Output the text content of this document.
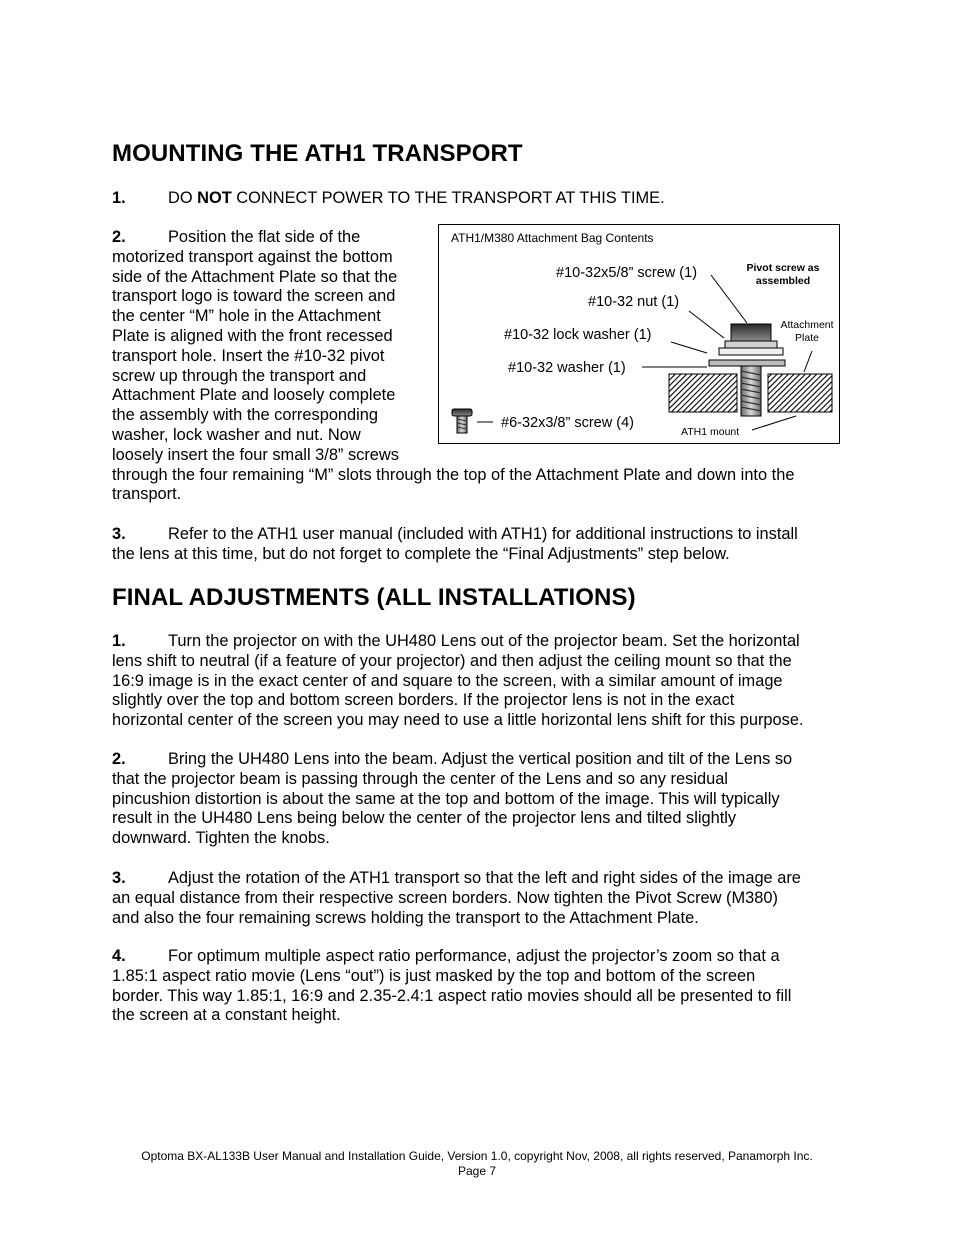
MOUNTING THE ATH1 TRANSPORT

1.	DO NOT CONNECT POWER TO THE TRANSPORT AT THIS TIME.

2.	Position the flat side of the
motorized transport against the bottom
side of the Attachment Plate so that the
transport logo is toward the screen and
the center “M” hole in the Attachment
Plate is aligned with the front recessed
transport hole. Insert the #10-32 pivot
screw up through the transport and
Attachment Plate and loosely complete
the assembly with the corresponding
washer, lock washer and nut. Now
loosely insert the four small 3/8” screws
through the four remaining “M” slots through the top of the Attachment Plate and down into the
transport.
3.	Refer to the ATH1 user manual (included with ATH1) for additional instructions to install
the lens at this time, but do not forget to complete the “Final Adjustments” step below.
FINAL ADJUSTMENTS (ALL INSTALLATIONS)
1.	Turn the projector on with the UH480 Lens out of the projector beam. Set the horizontal
lens shift to neutral (if a feature of your projector) and then adjust the ceiling mount so that the
16:9 image is in the exact center of and square to the screen, with a similar amount of image
slightly over the top and bottom screen borders. If the projector lens is not in the exact
horizontal center of the screen you may need to use a little horizontal lens shift for this purpose.
2.	Bring the UH480 Lens into the beam. Adjust the vertical position and tilt of the Lens so
that the projector beam is passing through the center of the Lens and so any residual
pincushion distortion is about the same at the top and bottom of the image. This will typically
result in the UH480 Lens being below the center of the projector lens and tilted slightly
downward. Tighten the knobs.
3.	Adjust the rotation of the ATH1 transport so that the left and right sides of the image are
an equal distance from their respective screen borders. Now tighten the Pivot Screw (M380)
and also the four remaining screws holding the transport to the Attachment Plate.
4.	For optimum multiple aspect ratio performance, adjust the projector’s zoom so that a
1.85:1 aspect ratio movie (Lens “out”) is just masked by the top and bottom of the screen
border. This way 1.85:1, 16:9 and 2.35-2.4:1 aspect ratio movies should all be presented to fill
the screen at a constant height.
ATH1/M380 Attachment Bag Contents
#10-32x5/8” screw (1)
#10-32 nut (1)
#10-32 lock washer (1)
#10-32 washer (1)
#6-32x3/8” screw (4)
Pivot screw as
assembled
Attachment
Plate
ATH1 mount
Optoma BX-AL133B User Manual and Installation Guide, Version 1.0, copyright Nov, 2008, all rights reserved, Panamorph Inc.
Page 7
